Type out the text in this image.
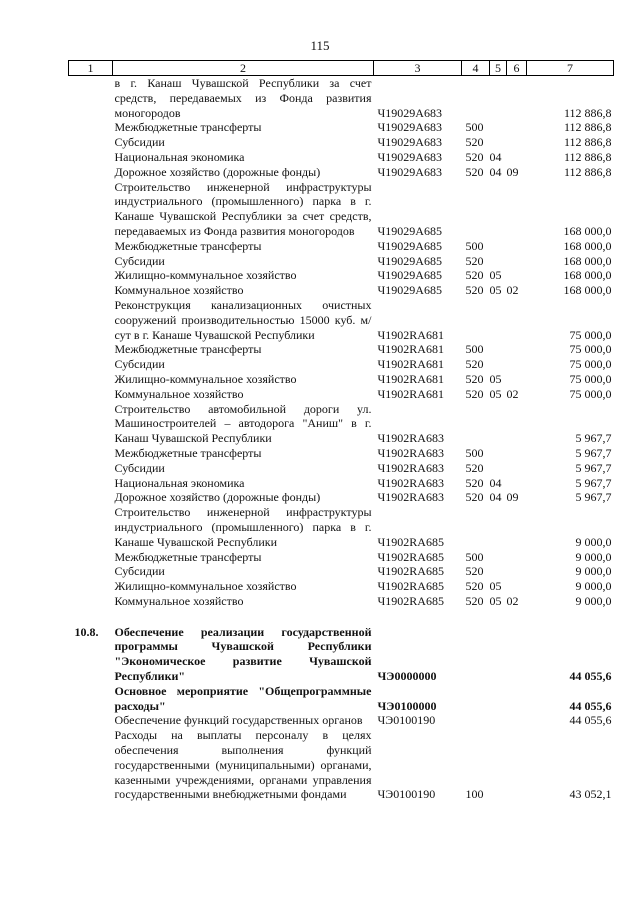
115
1	2	3	4	5	6	7
	в г. Канаш Чувашской Республики за счет средств, передаваемых из Фонда развития моногородов	Ч19029А683				112 886,8
	Межбюджетные трансферты	Ч19029А683	500			112 886,8
	Субсидии	Ч19029А683	520			112 886,8
	Национальная экономика	Ч19029А683	520	04		112 886,8
	Дорожное хозяйство (дорожные фонды)	Ч19029А683	520	04	09	112 886,8
	Строительство инженерной инфраструктуры индустриального (промышленного) парка в г. Канаше Чувашской Республики за счет средств, передаваемых из Фонда развития моногородов	Ч19029А685				168 000,0
	Межбюджетные трансферты	Ч19029А685	500			168 000,0
	Субсидии	Ч19029А685	520			168 000,0
	Жилищно-коммунальное хозяйство	Ч19029А685	520	05		168 000,0
	Коммунальное хозяйство	Ч19029А685	520	05	02	168 000,0
	Реконструкция канализационных очистных сооружений производительностью 15000 куб. м/сут в г. Канаше Чувашской Республики	Ч1902RA681				75 000,0
	Межбюджетные трансферты	Ч1902RA681	500			75 000,0
	Субсидии	Ч1902RA681	520			75 000,0
	Жилищно-коммунальное хозяйство	Ч1902RA681	520	05		75 000,0
	Коммунальное хозяйство	Ч1902RA681	520	05	02	75 000,0
	Строительство автомобильной дороги ул. Машиностроителей – автодорога "Аниш" в г. Канаш Чувашской Республики	Ч1902RA683				5 967,7
	Межбюджетные трансферты	Ч1902RA683	500			5 967,7
	Субсидии	Ч1902RA683	520			5 967,7
	Национальная экономика	Ч1902RA683	520	04		5 967,7
	Дорожное хозяйство (дорожные фонды)	Ч1902RA683	520	04	09	5 967,7
	Строительство инженерной инфраструктуры индустриального (промышленного) парка в г. Канаше Чувашской Республики	Ч1902RA685				9 000,0
	Межбюджетные трансферты	Ч1902RA685	500			9 000,0
	Субсидии	Ч1902RA685	520			9 000,0
	Жилищно-коммунальное хозяйство	Ч1902RA685	520	05		9 000,0
	Коммунальное хозяйство	Ч1902RA685	520	05	02	9 000,0

10.8.	Обеспечение реализации государственной программы Чувашской Республики "Экономическое развитие Чувашской Республики"	ЧЭ0000000				44 055,6
	Основное мероприятие "Общепрограммные расходы"	ЧЭ0100000				44 055,6
	Обеспечение функций государственных органов	ЧЭ0100190				44 055,6
	Расходы на выплаты персоналу в целях обеспечения выполнения функций государственными (муниципальными) органами, казенными учреждениями, органами управления государственными внебюджетными фондами	ЧЭ0100190	100			43 052,1
